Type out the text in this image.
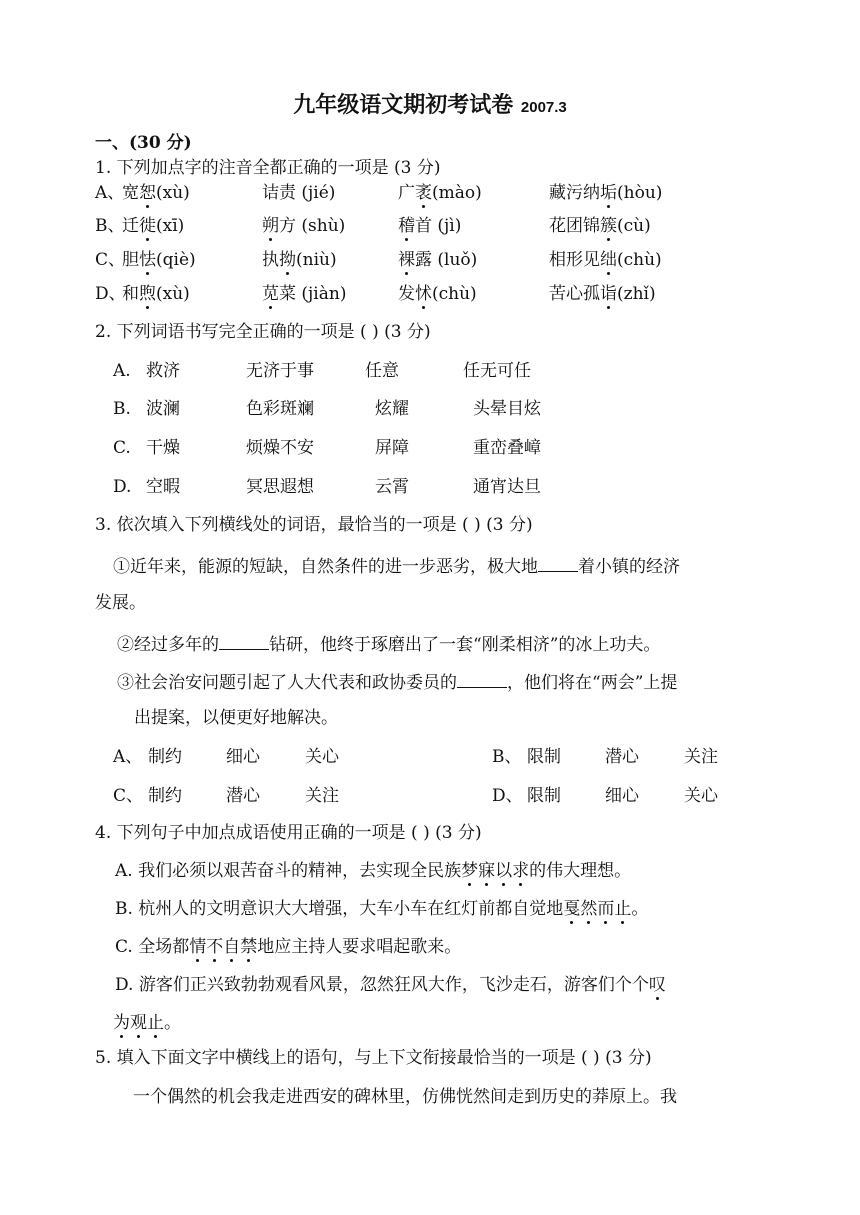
九年级语文期初考试卷 2007.3
一、(30 分)
1. 下列加点字的注音全都正确的一项是 (3 分)
A、
宽恕(xù)	诘责 (jié)	广袤(mào)	藏污纳垢(hòu)
B、
迁徙(xī)	朔方 (shù)	稽首 (jì)	花团锦簇(cù)
C、
胆怯(qiè)	执拗(niù)	裸露 (luǒ)	相形见绌(chù)
D、
和煦(xù)	苋菜 (jiàn)	发怵(chù)	苦心孤诣(zhǐ)
2. 下列词语书写完全正确的一项是 ( ) (3 分)
A. 救济	无济于事	任意	任无可任
B. 波澜	色彩斑斓	炫耀	头晕目炫
C. 干燥	烦燥不安	屏障	重峦叠嶂
D. 空暇	冥思遐想	云霄	通宵达旦
3. 依次填入下列横线处的词语，最恰当的一项是 ( ) (3 分)
①近年来，能源的短缺，自然条件的进一步恶劣，极大地 着小镇的经济
发展。
②经过多年的	钻研，他终于琢磨出了一套“刚柔相济”的冰上功夫。
③社会治安问题引起了人大代表和政协委员的	，他们将在“两会”上提
出提案，以便更好地解决。
A、 制约	细心	关心	B、 限制	潜心	关注
C、 制约	潜心	关注	D、 限制	细心	关心
4. 下列句子中加点成语使用正确的一项是 ( ) (3 分)
A. 我们必须以艰苦奋斗的精神，去实现全民族梦寐以求的伟大理想。
B. 杭州人的文明意识大大增强，大车小车在红灯前都自觉地戛然而止。
C. 全场都情不自禁地应主持人要求唱起歌来。
D. 游客们正兴致勃勃观看风景，忽然狂风大作，飞沙走石，游客们个个叹
为观止。
5. 填入下面文字中横线上的语句，与上下文衔接最恰当的一项是 ( ) (3 分)
一个偶然的机会我走进西安的碑林里，仿佛恍然间走到历史的莽原上。我
